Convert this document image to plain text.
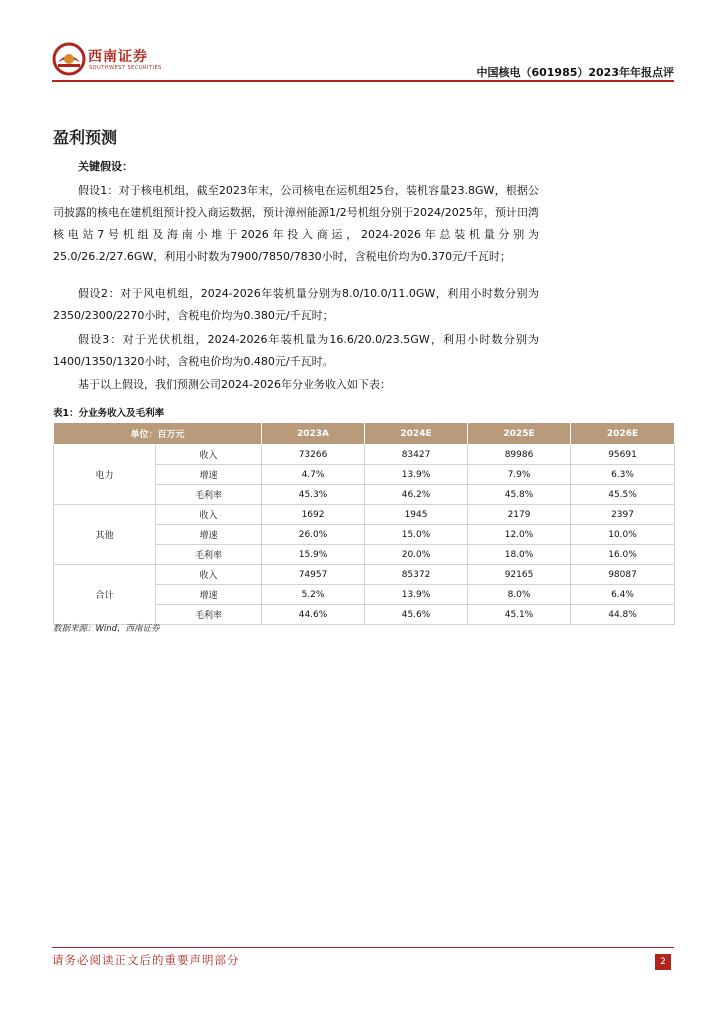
西南证券
SOUTHWEST SECURITIES	中国核电（601985）2023年年报点评
盈利预测
关键假设：
假设1：对于核电机组，截至2023年末，公司核电在运机组25台，装机容量23.8GW，根据公司披露的核电在建机组预计投入商运数据，预计漳州能源1/2号机组分别于2024/2025年，预计田湾核电站7号机组及海南小堆于2026年投入商运，2024-2026年总装机量分别为25.0/26.2/27.6GW，利用小时数为7900/7850/7830小时，含税电价均为0.370元/千瓦时；
假设2：对于风电机组，2024-2026年装机量分别为8.0/10.0/11.0GW，利用小时数分别为2350/2300/2270小时，含税电价均为0.380元/千瓦时；
假设3：对于光伏机组，2024-2026年装机量为16.6/20.0/23.5GW，利用小时数分别为1400/1350/1320小时，含税电价均为0.480元/千瓦时。
基于以上假设，我们预测公司2024-2026年分业务收入如下表：
表1：分业务收入及毛利率
单位：百万元		2023A	2024E	2025E	2026E
电力	收入	73266	83427	89986	95691
	增速	4.7%	13.9%	7.9%	6.3%
	毛利率	45.3%	46.2%	45.8%	45.5%
其他	收入	1692	1945	2179	2397
	增速	26.0%	15.0%	12.0%	10.0%
	毛利率	15.9%	20.0%	18.0%	16.0%
合计	收入	74957	85372	92165	98087
	增速	5.2%	13.9%	8.0%	6.4%
	毛利率	44.6%	45.6%	45.1%	44.8%
数据来源：Wind，西南证券
请务必阅读正文后的重要声明部分	2
